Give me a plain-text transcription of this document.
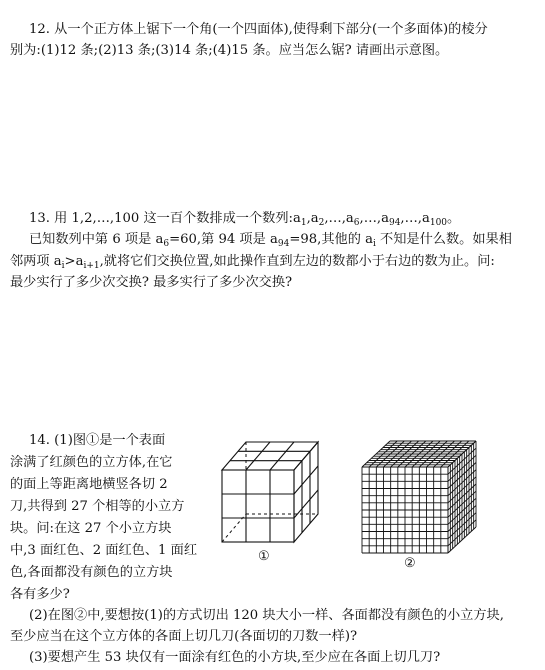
12. 从一个正方体上锯下一个角(一个四面体),使得剩下部分(一个多面体)的棱分
别为:(1)12 条;(2)13 条;(3)14 条;(4)15 条。应当怎么锯? 请画出示意图。
13. 用 1,2,…,100 这一百个数排成一个数列$:a_1,a_2,\dots,a_6,\dots,a_{94},\dots,a_{100}$。
已知数列中第 6 项是 $a_6=60$,第 94 项是 $a_{94}=98$,其他的 $a_i$ 不知是什么数。如果相
邻两项 $a_i>a_{i+1}$,就将它们交换位置,如此操作直到左边的数都小于右边的数为止。问:
最少实行了多少次交换? 最多实行了多少次交换?
14. (1)图①是一个表面
涂满了红颜色的立方体,在它
的面上等距离地横竖各切 2
刀,共得到 27 个相等的小立方
块。问:在这 27 个小立方块
中,3 面红色、2 面红色、1 面红
色,各面都没有颜色的立方块
各有多少?
(2)在图②中,要想按(1)的方式切出 120 块大小一样、各面都没有颜色的小立方块,
至少应当在这个立方体的各面上切几刀(各面切的刀数一样)?
(3)要想产生 53 块仅有一面涂有红色的小方块,至少应在各面上切几刀?
①	②
